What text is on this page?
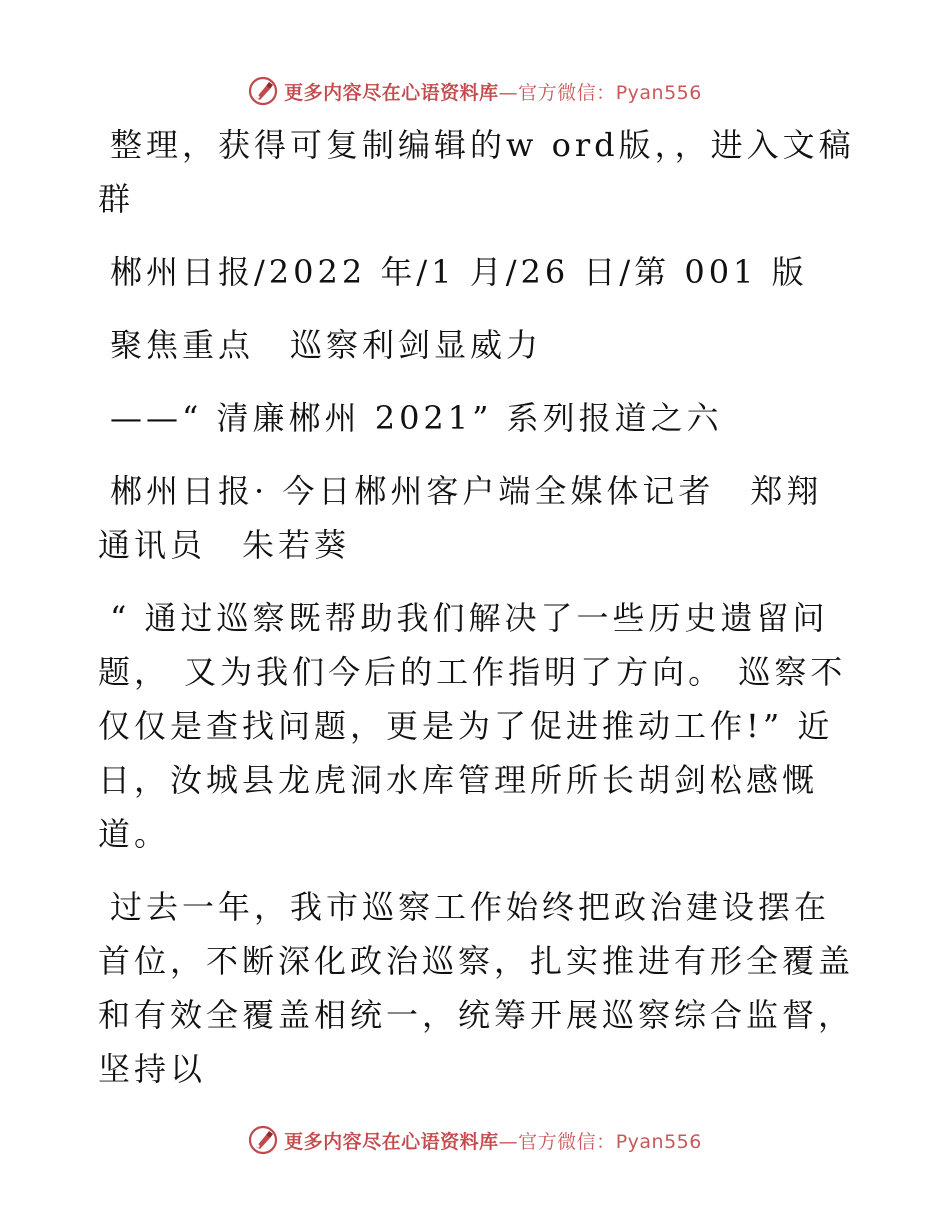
更多内容尽在心语资料库—官方微信：Pyan556

整理，获得可复制编辑的w ord版，，进入文稿群

郴州日报/2022 年/1 月/26 日/第 001 版

聚焦重点　巡察利剑显威力

——“ 清廉郴州 2021” 系列报道之六

郴州日报· 今日郴州客户端全媒体记者　郑翔　通讯员　朱若葵

“ 通过巡察既帮助我们解决了一些历史遗留问题， 又为我们今后的工作指明了方向。 巡察不仅仅是查找问题，更是为了促进推动工作!” 近日，汝城县龙虎洞水库管理所所长胡剑松感慨道。

过去一年，我市巡察工作始终把政治建设摆在首位，不断深化政治巡察，扎实推进有形全覆盖和有效全覆盖相统一，统筹开展巡察综合监督，坚持以

更多内容尽在心语资料库—官方微信：Pyan556
